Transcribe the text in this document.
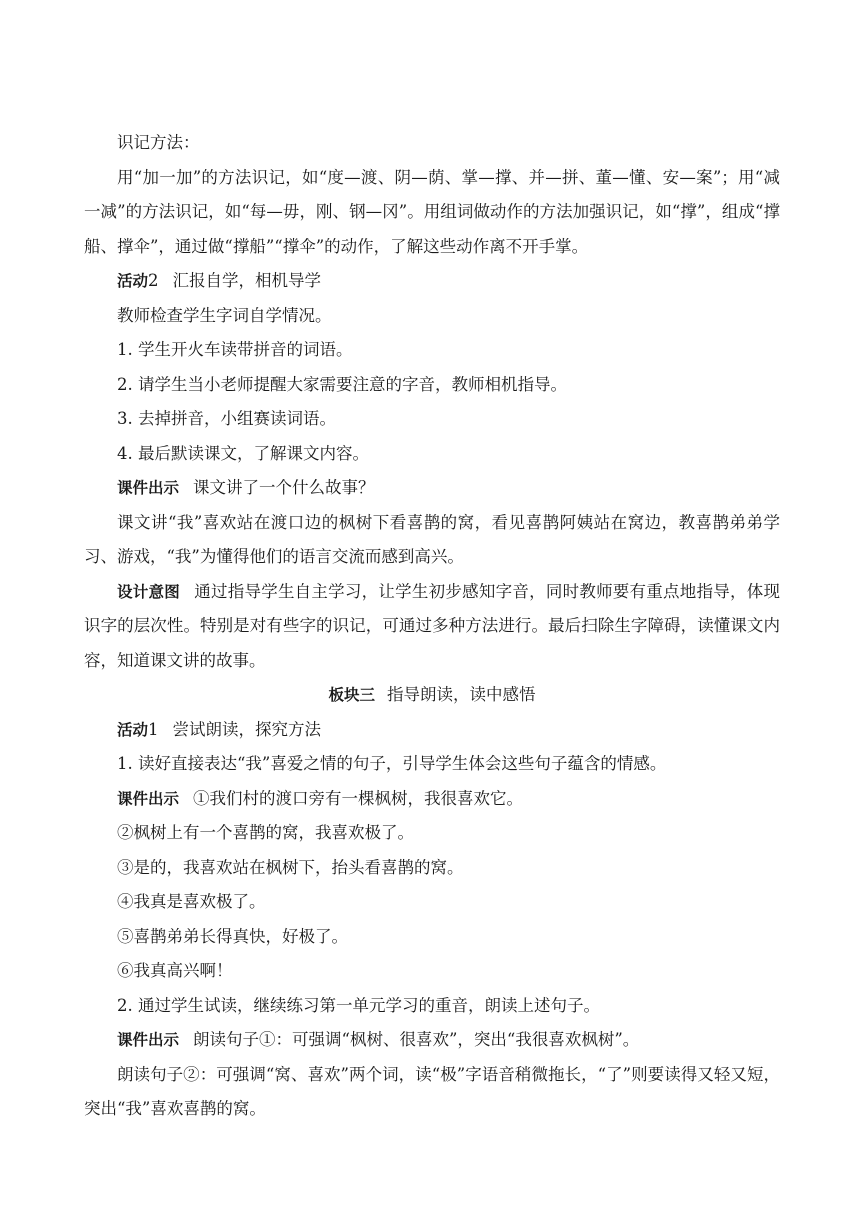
识记方法：

用“加一加”的方法识记，如“度—渡、阴—荫、掌—撑、并—拼、董—懂、安—案”；用“减一减”的方法识记，如“每—毋，刚、钢—冈”。用组词做动作的方法加强识记，如“撑”，组成“撑船、撑伞”，通过做“撑船”“撑伞”的动作，了解这些动作离不开手掌。

活动2 汇报自学，相机导学

教师检查学生字词自学情况。

1. 学生开火车读带拼音的词语。

2. 请学生当小老师提醒大家需要注意的字音，教师相机指导。

3. 去掉拼音，小组赛读词语。

4. 最后默读课文，了解课文内容。

课件出示 课文讲了一个什么故事？

课文讲“我”喜欢站在渡口边的枫树下看喜鹊的窝，看见喜鹊阿姨站在窝边，教喜鹊弟弟学习、游戏，“我”为懂得他们的语言交流而感到高兴。

设计意图 通过指导学生自主学习，让学生初步感知字音，同时教师要有重点地指导，体现识字的层次性。特别是对有些字的识记，可通过多种方法进行。最后扫除生字障碍，读懂课文内容，知道课文讲的故事。

板块三 指导朗读，读中感悟

活动1 尝试朗读，探究方法

1. 读好直接表达“我”喜爱之情的句子，引导学生体会这些句子蕴含的情感。

课件出示 ①我们村的渡口旁有一棵枫树，我很喜欢它。

②枫树上有一个喜鹊的窝，我喜欢极了。

③是的，我喜欢站在枫树下，抬头看喜鹊的窝。

④我真是喜欢极了。

⑤喜鹊弟弟长得真快，好极了。

⑥我真高兴啊！

2. 通过学生试读，继续练习第一单元学习的重音，朗读上述句子。

课件出示 朗读句子①：可强调“枫树、很喜欢”，突出“我很喜欢枫树”。

朗读句子②：可强调“窝、喜欢”两个词，读“极”字语音稍微拖长，“了”则要读得又轻又短，突出“我”喜欢喜鹊的窝。
